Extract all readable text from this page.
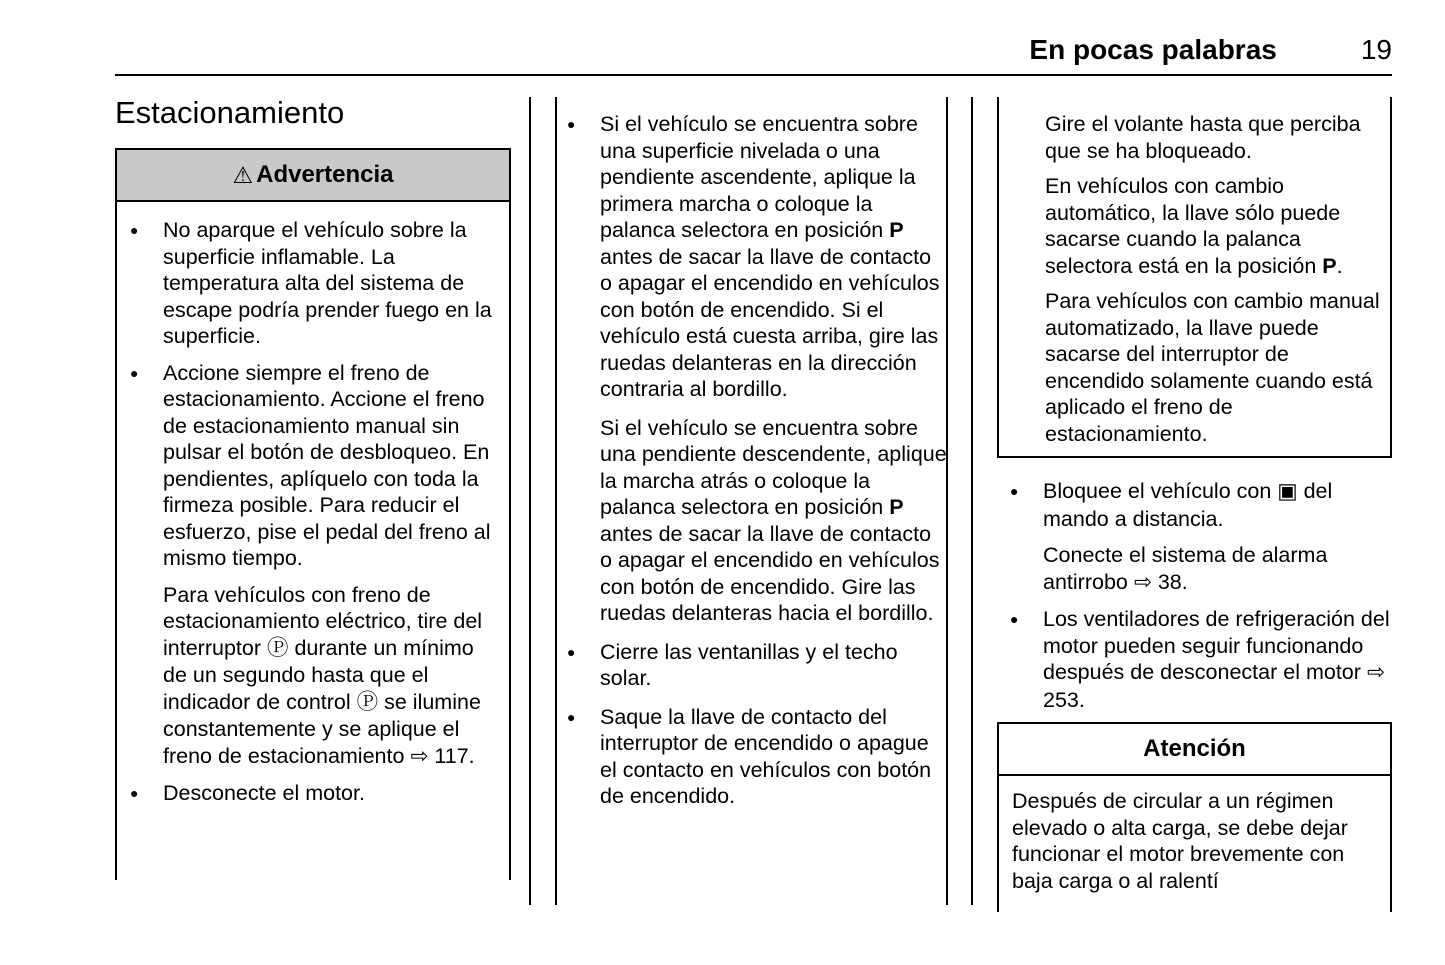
En pocas palabras	19
Estacionamiento
⚠ Advertencia
● No aparque el vehículo sobre la superficie inflamable. La temperatura alta del sistema de escape podría prender fuego en la superficie.
● Accione siempre el freno de estacionamiento. Accione el freno de estacionamiento manual sin pulsar el botón de desbloqueo. En pendientes, aplíquelo con toda la firmeza posible. Para reducir el esfuerzo, pise el pedal del freno al mismo tiempo.
Para vehículos con freno de estacionamiento eléctrico, tire del interruptor Ⓟ durante un mínimo de un segundo hasta que el indicador de control Ⓟ se ilumine constantemente y se aplique el freno de estacionamiento ⇨ 117.
● Desconecte el motor.
● Si el vehículo se encuentra sobre una superficie nivelada o una pendiente ascendente, aplique la primera marcha o coloque la palanca selectora en posición P antes de sacar la llave de contacto o apagar el encendido en vehículos con botón de encendido. Si el vehículo está cuesta arriba, gire las ruedas delanteras en la dirección contraria al bordillo.
Si el vehículo se encuentra sobre una pendiente descendente, aplique la marcha atrás o coloque la palanca selectora en posición P antes de sacar la llave de contacto o apagar el encendido en vehículos con botón de encendido. Gire las ruedas delanteras hacia el bordillo.
● Cierre las ventanillas y el techo solar.
● Saque la llave de contacto del interruptor de encendido o apague el contacto en vehículos con botón de encendido.
Gire el volante hasta que perciba que se ha bloqueado.
En vehículos con cambio automático, la llave sólo puede sacarse cuando la palanca selectora está en la posición P.
Para vehículos con cambio manual automatizado, la llave puede sacarse del interruptor de encendido solamente cuando está aplicado el freno de estacionamiento.
● Bloquee el vehículo con ▣ del mando a distancia.
Conecte el sistema de alarma antirrobo ⇨ 38.
● Los ventiladores de refrigeración del motor pueden seguir funcionando después de desconectar el motor ⇨ 253.
Atención
Después de circular a un régimen elevado o alta carga, se debe dejar funcionar el motor brevemente con baja carga o al ralentí
